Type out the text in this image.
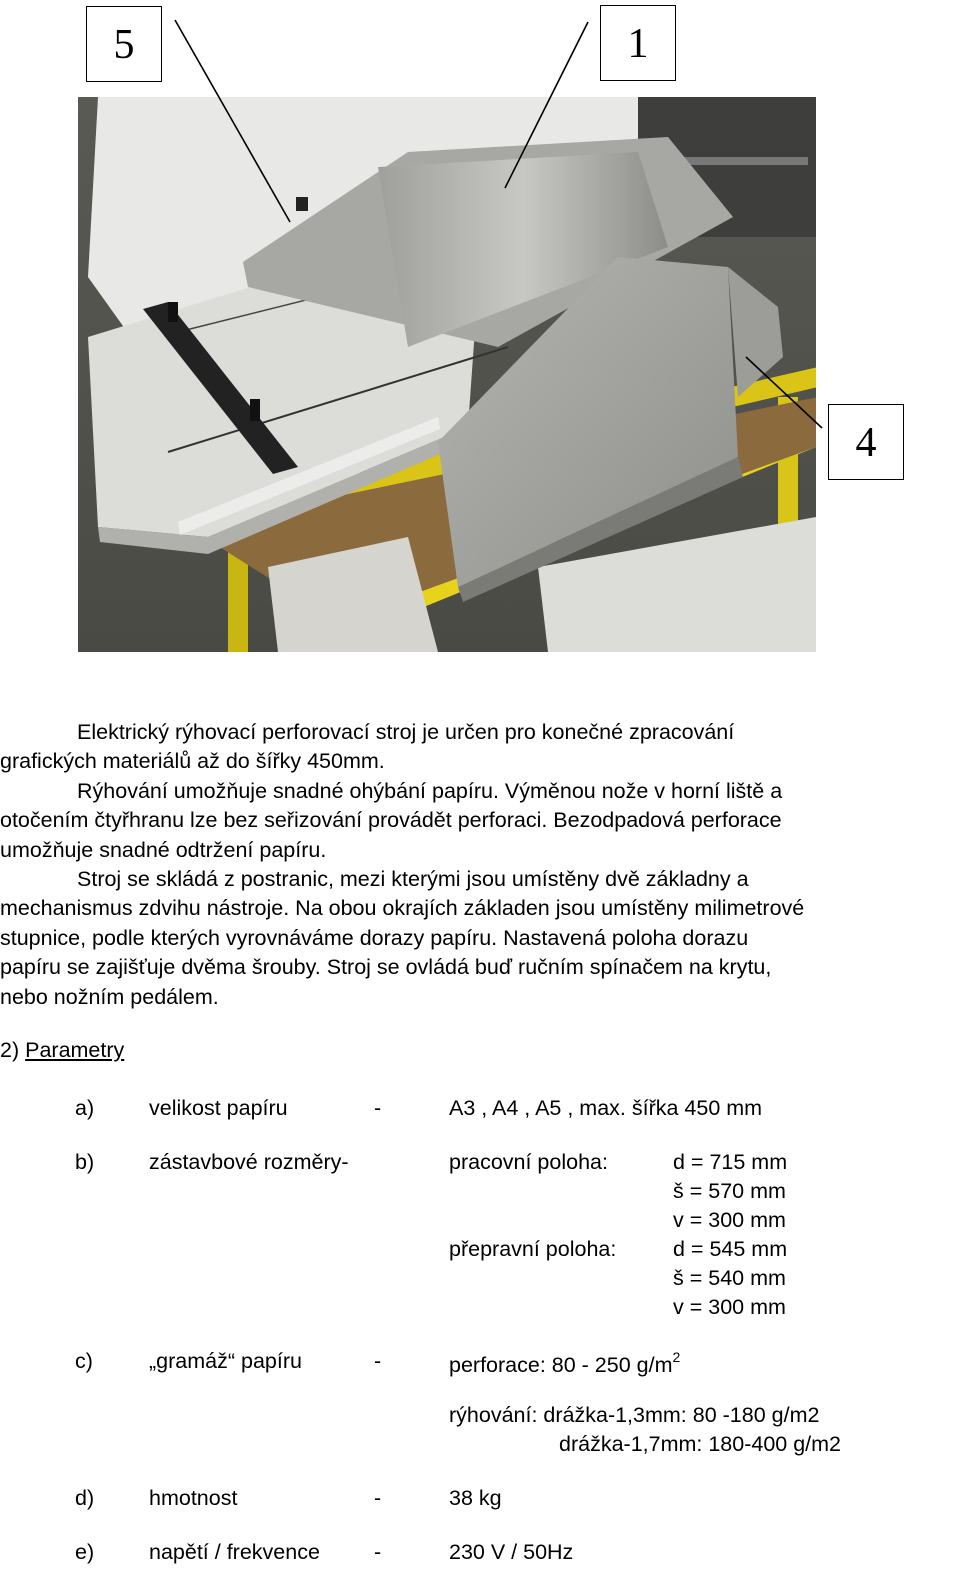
5	1
4
Elektrický rýhovací perforovací stroj je určen pro konečné zpracování
grafických materiálů až do šířky 450mm.
Rýhování umožňuje snadné ohýbání papíru. Výměnou nože v horní liště a
otočením čtyřhranu lze bez seřizování provádět perforaci. Bezodpadová perforace
umožňuje snadné odtržení papíru.
Stroj se skládá z postranic, mezi kterými jsou umístěny dvě základny a
mechanismus zdvihu nástroje. Na obou okrajích základen jsou umístěny milimetrové
stupnice, podle kterých vyrovnáváme dorazy papíru. Nastavená poloha dorazu
papíru se zajišťuje dvěma šrouby. Stroj se ovládá buď ručním spínačem na krytu,
nebo nožním pedálem.
2) Parametry
a)	velikost papíru	-	A3 , A4 , A5 , max. šířka 450 mm
b)	zástavbové rozměry-	pracovní poloha:	d = 715 mm
š = 570 mm
v = 300 mm
přepravní poloha:	d = 545 mm
š = 540 mm
v = 300 mm
c)	„gramáž“ papíru	-	perforace: 80 - 250 $g/m^2$
rýhování: drážka-1,3mm: 80 -180 g/m2
drážka-1,7mm: 180-400 g/m2
d)	hmotnost	-	38 kg
e)	napětí / frekvence	-	230 V / 50Hz
